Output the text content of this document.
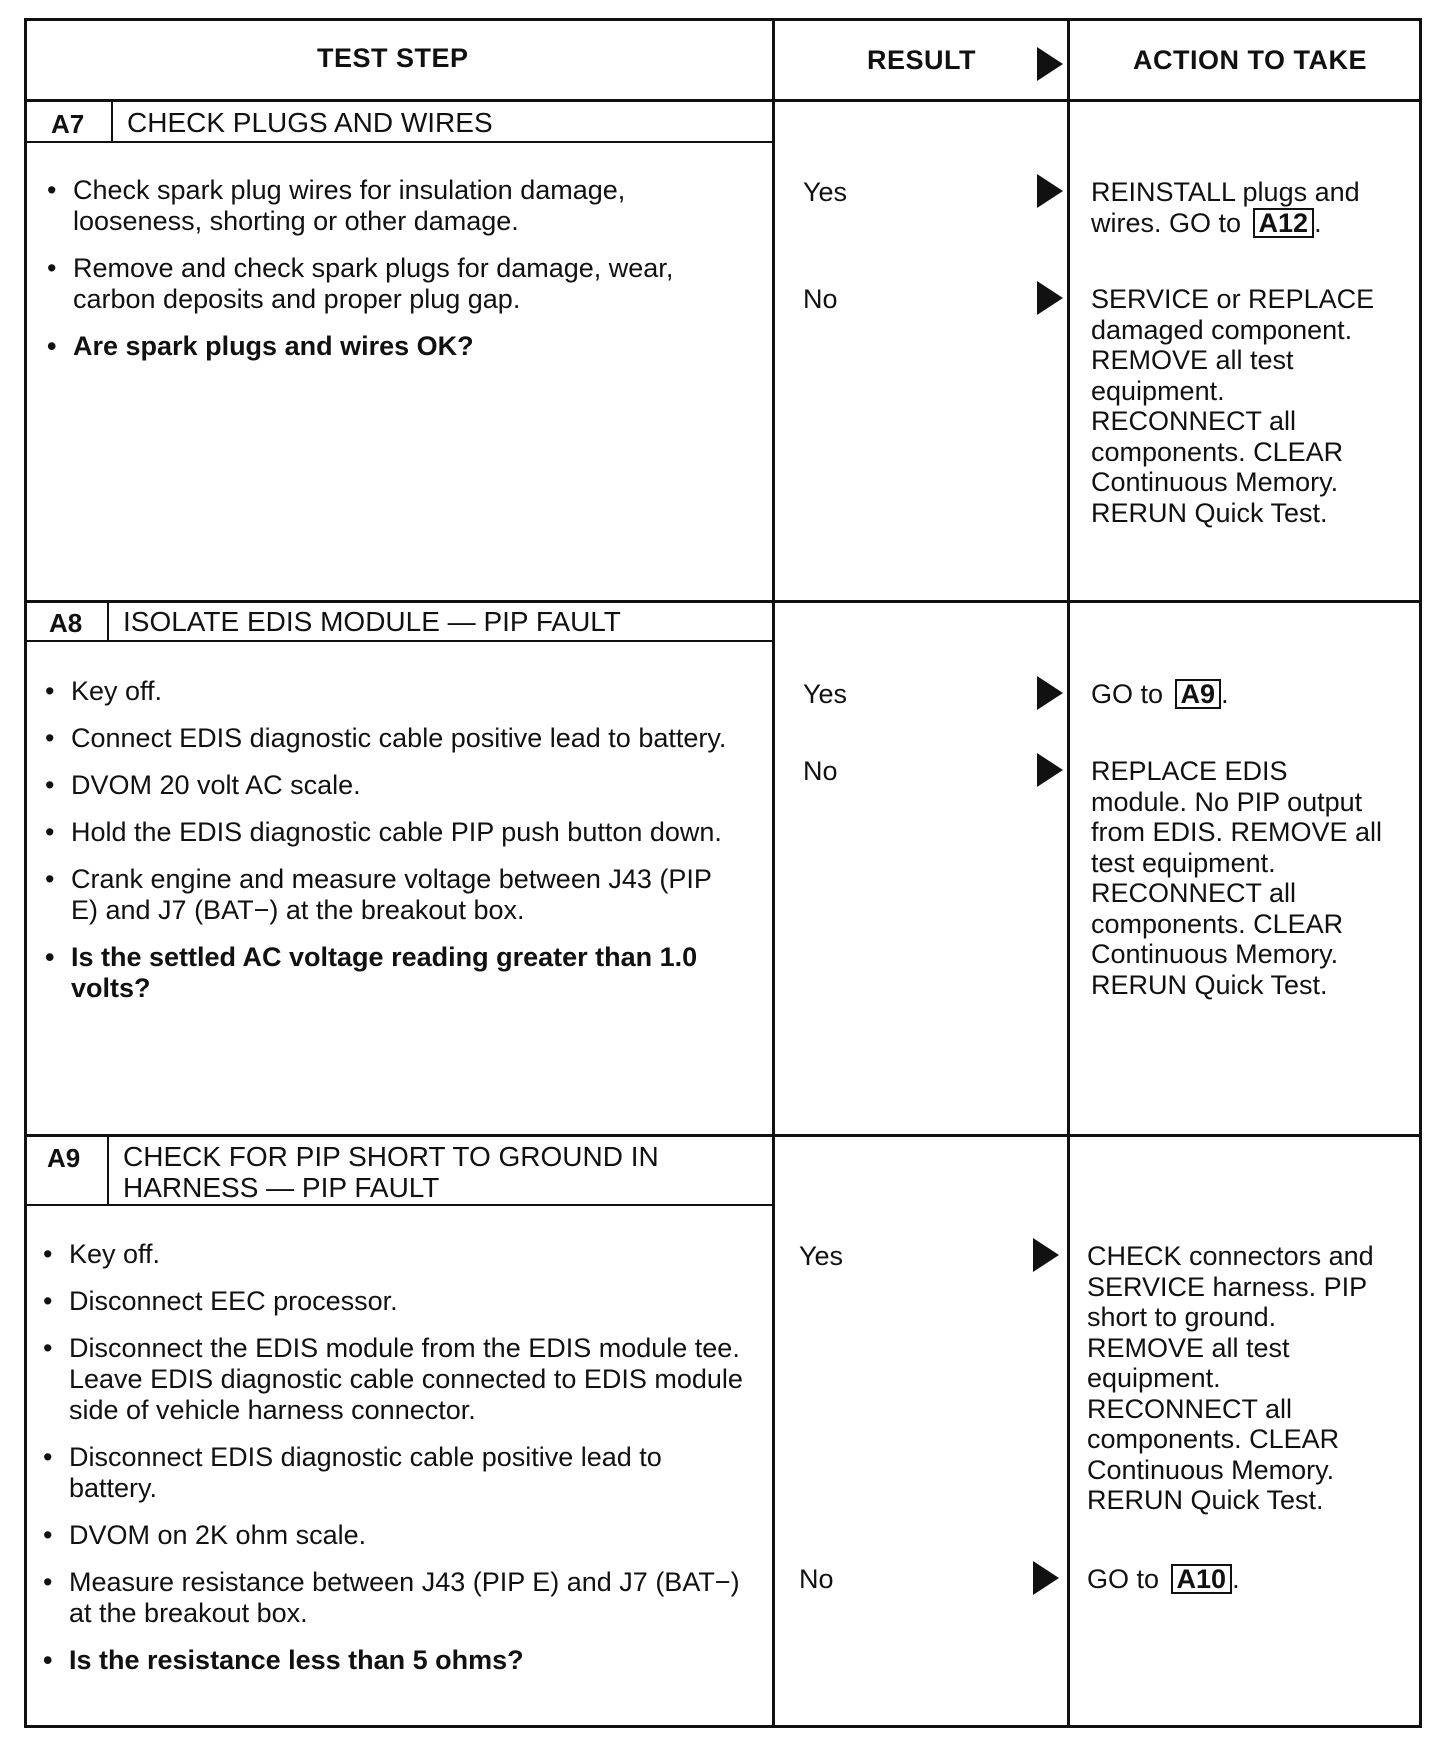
TEST STEP	RESULT	ACTION TO TAKE
A7 CHECK PLUGS AND WIRES
• Check spark plug wires for insulation damage, looseness, shorting or other damage.
• Remove and check spark plugs for damage, wear, carbon deposits and proper plug gap.
• Are spark plugs and wires OK?
Yes	REINSTALL plugs and wires. GO to A12 .
No	SERVICE or REPLACE damaged component. REMOVE all test equipment. RECONNECT all components. CLEAR Continuous Memory. RERUN Quick Test.
A8 ISOLATE EDIS MODULE — PIP FAULT
• Key off.
• Connect EDIS diagnostic cable positive lead to battery.
• DVOM 20 volt AC scale.
• Hold the EDIS diagnostic cable PIP push button down.
• Crank engine and measure voltage between J43 (PIP E) and J7 (BAT−) at the breakout box.
• Is the settled AC voltage reading greater than 1.0 volts?
Yes	GO to A9 .
No	REPLACE EDIS module. No PIP output from EDIS. REMOVE all test equipment. RECONNECT all components. CLEAR Continuous Memory. RERUN Quick Test.
A9 CHECK FOR PIP SHORT TO GROUND IN HARNESS — PIP FAULT
• Key off.
• Disconnect EEC processor.
• Disconnect the EDIS module from the EDIS module tee. Leave EDIS diagnostic cable connected to EDIS module side of vehicle harness connector.
• Disconnect EDIS diagnostic cable positive lead to battery.
• DVOM on 2K ohm scale.
• Measure resistance between J43 (PIP E) and J7 (BAT−) at the breakout box.
• Is the resistance less than 5 ohms?
Yes	CHECK connectors and SERVICE harness. PIP short to ground. REMOVE all test equipment. RECONNECT all components. CLEAR Continuous Memory. RERUN Quick Test.
No	GO to A10 .
